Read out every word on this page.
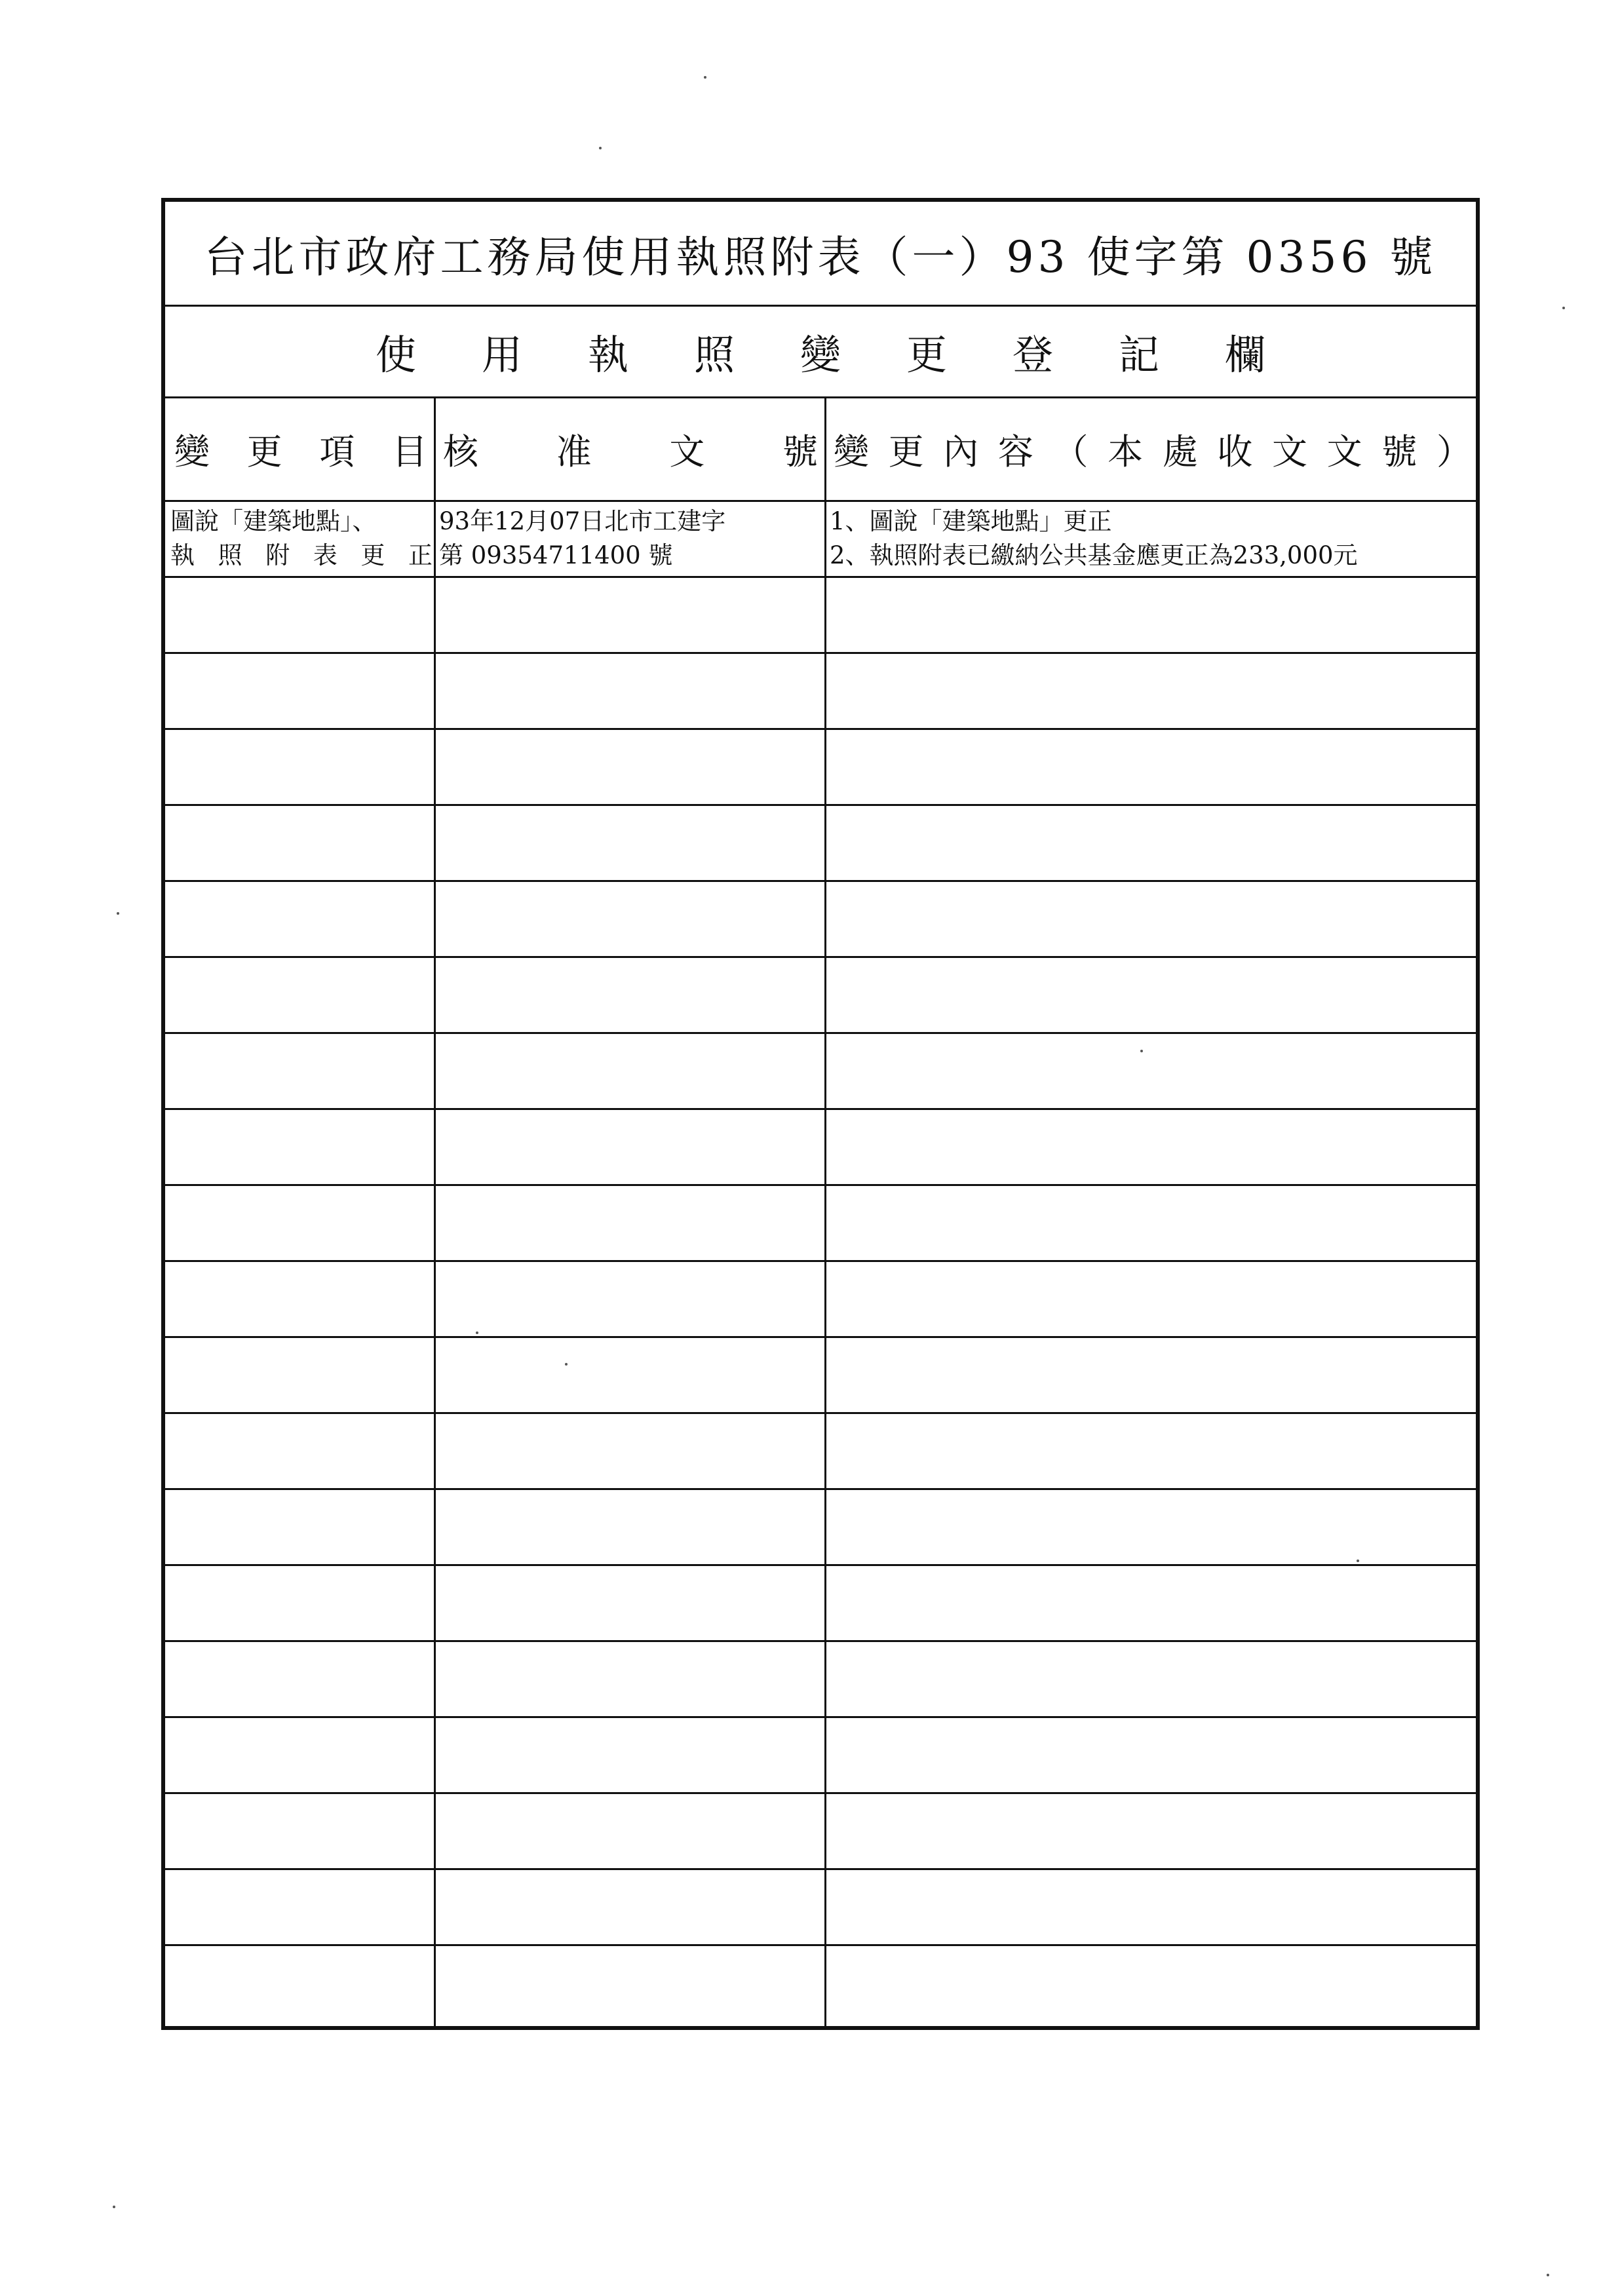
台北市政府工務局使用執照附表（一）93 使字第 0356 號
使用執照變更登記欄
變 更 項 目 核 准 文 號 變 更 內 容 （ 本 處 收 文 文 號 ）
圖說「建築地點」、
執 照 附 表 更 正
93年12月07日北市工建字
第 09354711400 號
1、圖說「建築地點」更正
2、執照附表已繳納公共基金應更正為233,000元
